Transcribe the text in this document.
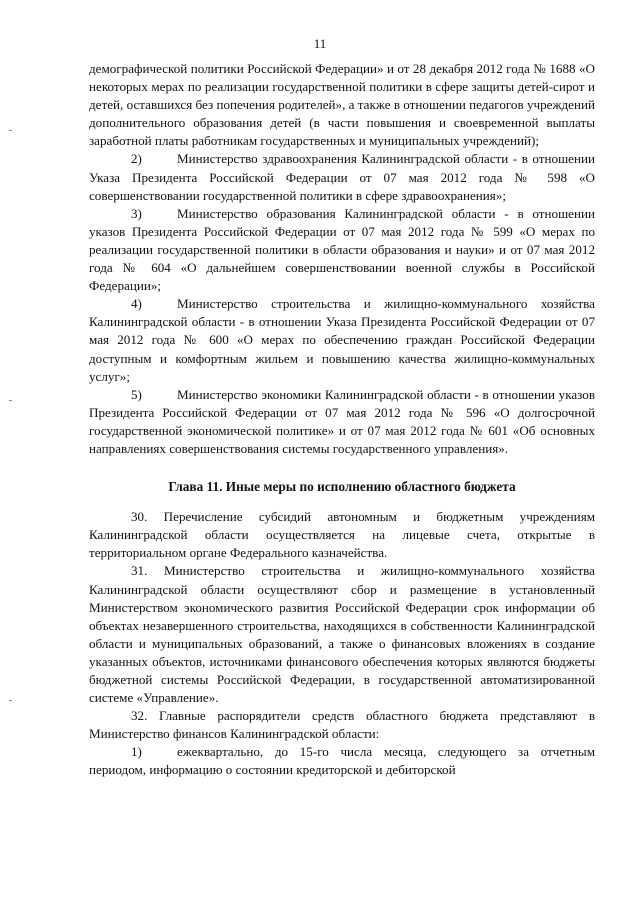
11

демографической политики Российской Федерации» и от 28 декабря 2012 года № 1688 «О некоторых мерах по реализации государственной политики в сфере защиты детей-сирот и детей, оставшихся без попечения родителей», а также в отношении педагогов учреждений дополнительного образования детей (в части повышения и своевременной выплаты заработной платы работникам государственных и муниципальных учреждений);

2)	Министерство здравоохранения Калининградской области - в отношении Указа Президента Российской Федерации от 07 мая 2012 года № 598 «О совершенствовании государственной политики в сфере здравоохранения»;

3)	Министерство образования Калининградской области - в отношении указов Президента Российской Федерации от 07 мая 2012 года № 599 «О мерах по реализации государственной политики в области образования и науки» и от 07 мая 2012 года № 604 «О дальнейшем совершенствовании военной службы в Российской Федерации»;

4)	Министерство строительства и жилищно-коммунального хозяйства Калининградской области - в отношении Указа Президента Российской Федерации от 07 мая 2012 года № 600 «О мерах по обеспечению граждан Российской Федерации доступным и комфортным жильем и повышению качества жилищно-коммунальных услуг»;

5)	Министерство экономики Калининградской области - в отношении указов Президента Российской Федерации от 07 мая 2012 года № 596 «О долгосрочной государственной экономической политике» и от 07 мая 2012 года № 601 «Об основных направлениях совершенствования системы государственного управления».

Глава 11. Иные меры по исполнению областного бюджета

30. Перечисление субсидий автономным и бюджетным учреждениям Калининградской области осуществляется на лицевые счета, открытые в территориальном органе Федерального казначейства.

31. Министерство строительства и жилищно-коммунального хозяйства Калининградской области осуществляют сбор и размещение в установленный Министерством экономического развития Российской Федерации срок информации об объектах незавершенного строительства, находящихся в собственности Калининградской области и муниципальных образований, а также о финансовых вложениях в создание указанных объектов, источниками финансового обеспечения которых являются бюджеты бюджетной системы Российской Федерации, в государственной автоматизированной системе «Управление».

32. Главные распорядители средств областного бюджета представляют в Министерство финансов Калининградской области:

1)	ежеквартально, до 15-го числа месяца, следующего за отчетным периодом, информацию о состоянии кредиторской и дебиторской
